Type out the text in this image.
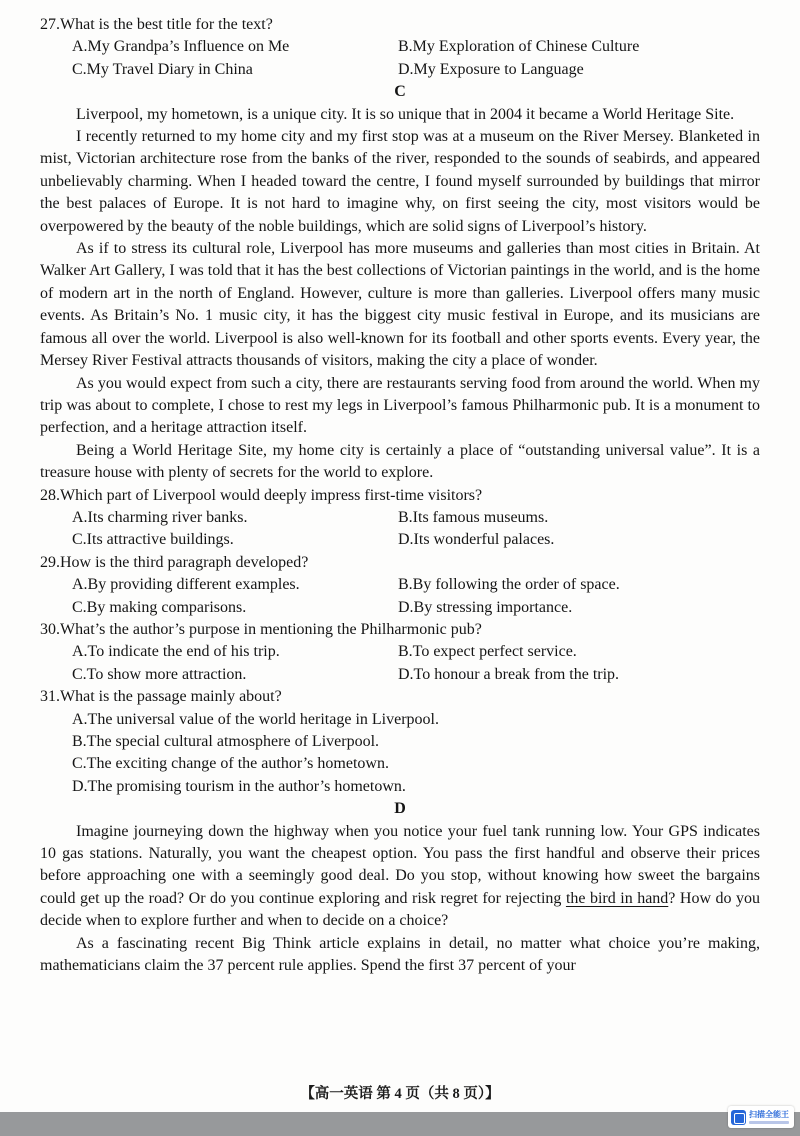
27.What is the best title for the text?
A.My Grandpa’s Influence on Me	B.My Exploration of Chinese Culture
C.My Travel Diary in China	D.My Exposure to Language
C

Liverpool, my hometown, is a unique city. It is so unique that in 2004 it became a World Heritage Site.

I recently returned to my home city and my first stop was at a museum on the River Mersey. Blanketed in mist, Victorian architecture rose from the banks of the river, responded to the sounds of seabirds, and appeared unbelievably charming. When I headed toward the centre, I found myself surrounded by buildings that mirror the best palaces of Europe. It is not hard to imagine why, on first seeing the city, most visitors would be overpowered by the beauty of the noble buildings, which are solid signs of Liverpool’s history.

As if to stress its cultural role, Liverpool has more museums and galleries than most cities in Britain. At Walker Art Gallery, I was told that it has the best collections of Victorian paintings in the world, and is the home of modern art in the north of England. However, culture is more than galleries. Liverpool offers many music events. As Britain’s No. 1 music city, it has the biggest city music festival in Europe, and its musicians are famous all over the world. Liverpool is also well-known for its football and other sports events. Every year, the Mersey River Festival attracts thousands of visitors, making the city a place of wonder.

As you would expect from such a city, there are restaurants serving food from around the world. When my trip was about to complete, I chose to rest my legs in Liverpool’s famous Philharmonic pub. It is a monument to perfection, and a heritage attraction itself.

Being a World Heritage Site, my home city is certainly a place of “outstanding universal value”. It is a treasure house with plenty of secrets for the world to explore.

28.Which part of Liverpool would deeply impress first-time visitors?
A.Its charming river banks.	B.Its famous museums.
C.Its attractive buildings.	D.Its wonderful palaces.
29.How is the third paragraph developed?
A.By providing different examples.	B.By following the order of space.
C.By making comparisons.	D.By stressing importance.
30.What’s the author’s purpose in mentioning the Philharmonic pub?
A.To indicate the end of his trip.	B.To expect perfect service.
C.To show more attraction.	D.To honour a break from the trip.
31.What is the passage mainly about?
A.The universal value of the world heritage in Liverpool.
B.The special cultural atmosphere of Liverpool.
C.The exciting change of the author’s hometown.
D.The promising tourism in the author’s hometown.
D

Imagine journeying down the highway when you notice your fuel tank running low. Your GPS indicates 10 gas stations. Naturally, you want the cheapest option. You pass the first handful and observe their prices before approaching one with a seemingly good deal. Do you stop, without knowing how sweet the bargains could get up the road? Or do you continue exploring and risk regret for rejecting the bird in hand? How do you decide when to explore further and when to decide on a choice?

As a fascinating recent Big Think article explains in detail, no matter what choice you’re making, mathematicians claim the 37 percent rule applies. Spend the first 37 percent of your

【高一英语 第 4 页（共 8 页）】
扫描全能王
